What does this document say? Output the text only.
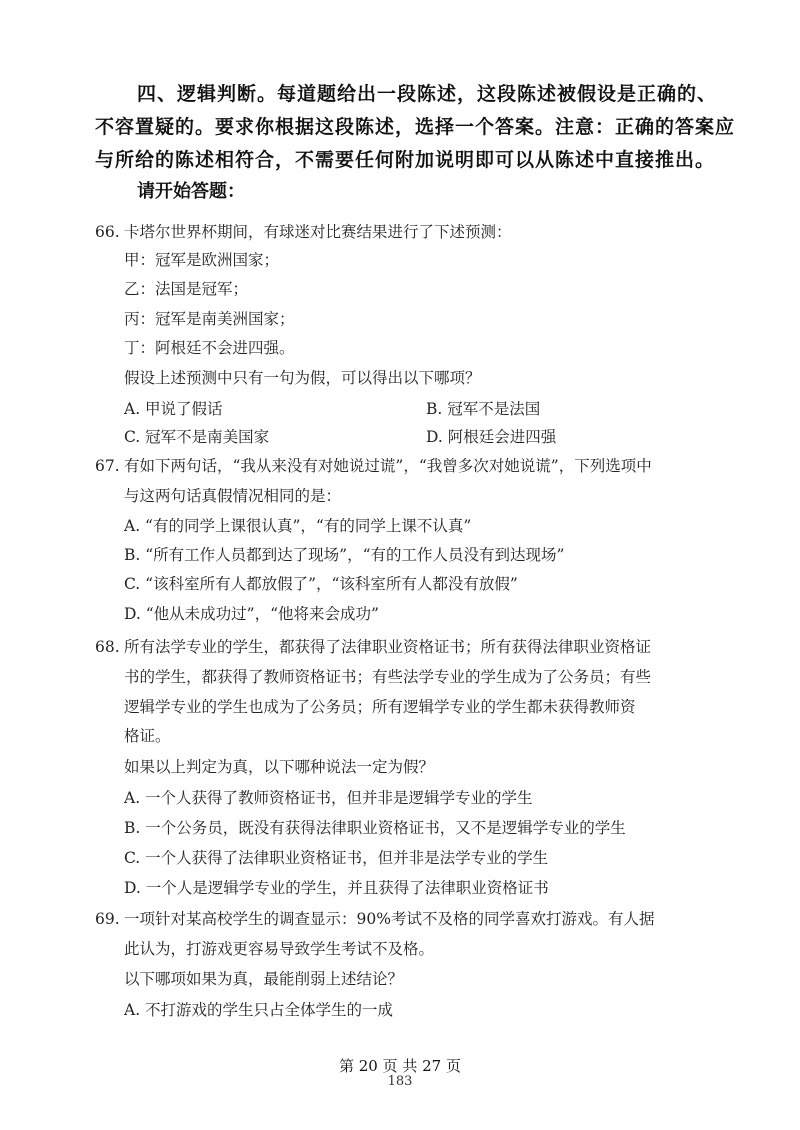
四、逻辑判断。每道题给出一段陈述，这段陈述被假设是正确的、不容置疑的。要求你根据这段陈述，选择一个答案。注意：正确的答案应与所给的陈述相符合，不需要任何附加说明即可以从陈述中直接推出。
请开始答题：
66. 卡塔尔世界杯期间，有球迷对比赛结果进行了下述预测：
甲：冠军是欧洲国家；
乙：法国是冠军；
丙：冠军是南美洲国家；
丁：阿根廷不会进四强。
假设上述预测中只有一句为假，可以得出以下哪项？
A. 甲说了假话	B. 冠军不是法国
C. 冠军不是南美国家	D. 阿根廷会进四强
67. 有如下两句话，“我从来没有对她说过谎”，“我曾多次对她说谎”，下列选项中
与这两句话真假情况相同的是：
A. “有的同学上课很认真”，“有的同学上课不认真”
B. “所有工作人员都到达了现场”，“有的工作人员没有到达现场”
C. “该科室所有人都放假了”，“该科室所有人都没有放假”
D. “他从未成功过”，“他将来会成功”
68. 所有法学专业的学生，都获得了法律职业资格证书；所有获得法律职业资格证
书的学生，都获得了教师资格证书；有些法学专业的学生成为了公务员；有些
逻辑学专业的学生也成为了公务员；所有逻辑学专业的学生都未获得教师资
格证。
如果以上判定为真，以下哪种说法一定为假？
A. 一个人获得了教师资格证书，但并非是逻辑学专业的学生
B. 一个公务员，既没有获得法律职业资格证书，又不是逻辑学专业的学生
C. 一个人获得了法律职业资格证书，但并非是法学专业的学生
D. 一个人是逻辑学专业的学生，并且获得了法律职业资格证书
69. 一项针对某高校学生的调查显示：90%考试不及格的同学喜欢打游戏。有人据
此认为，打游戏更容易导致学生考试不及格。
以下哪项如果为真，最能削弱上述结论？
A. 不打游戏的学生只占全体学生的一成
第 20 页 共 27 页
183
